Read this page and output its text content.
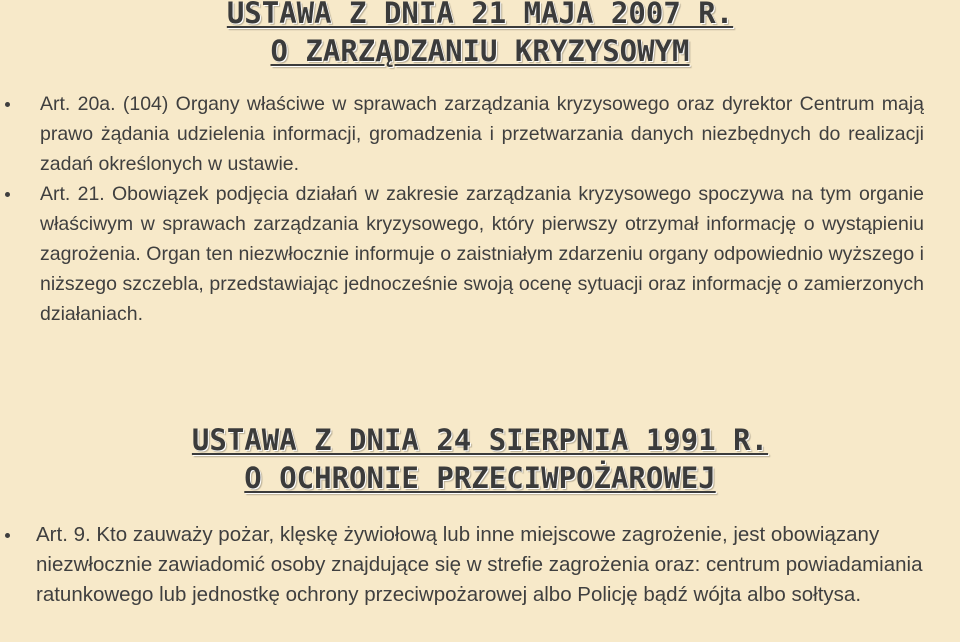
USTAWA Z DNIA 21 MAJA 2007 R.
O ZARZĄDZANIU KRYZYSOWYM
Art. 20a. (104) Organy właściwe w sprawach zarządzania kryzysowego oraz dyrektor Centrum mają prawo żądania udzielenia informacji, gromadzenia i przetwarzania danych niezbędnych do realizacji zadań określonych w ustawie.
Art. 21. Obowiązek podjęcia działań w zakresie zarządzania kryzysowego spoczywa na tym organie właściwym w sprawach zarządzania kryzysowego, który pierwszy otrzymał informację o wystąpieniu zagrożenia. Organ ten niezwłocznie informuje o zaistniałym zdarzeniu organy odpowiednio wyższego i niższego szczebla, przedstawiając jednocześnie swoją ocenę sytuacji oraz informację o zamierzonych działaniach.
USTAWA Z DNIA 24 SIERPNIA 1991 R.
O OCHRONIE PRZECIWPOŻAROWEJ
Art. 9. Kto zauważy pożar, klęskę żywiołową lub inne miejscowe zagrożenie, jest obowiązany niezwłocznie zawiadomić osoby znajdujące się w strefie zagrożenia oraz: centrum powiadamiania ratunkowego lub jednostkę ochrony przeciwpożarowej albo Policję bądź wójta albo sołtysa.
